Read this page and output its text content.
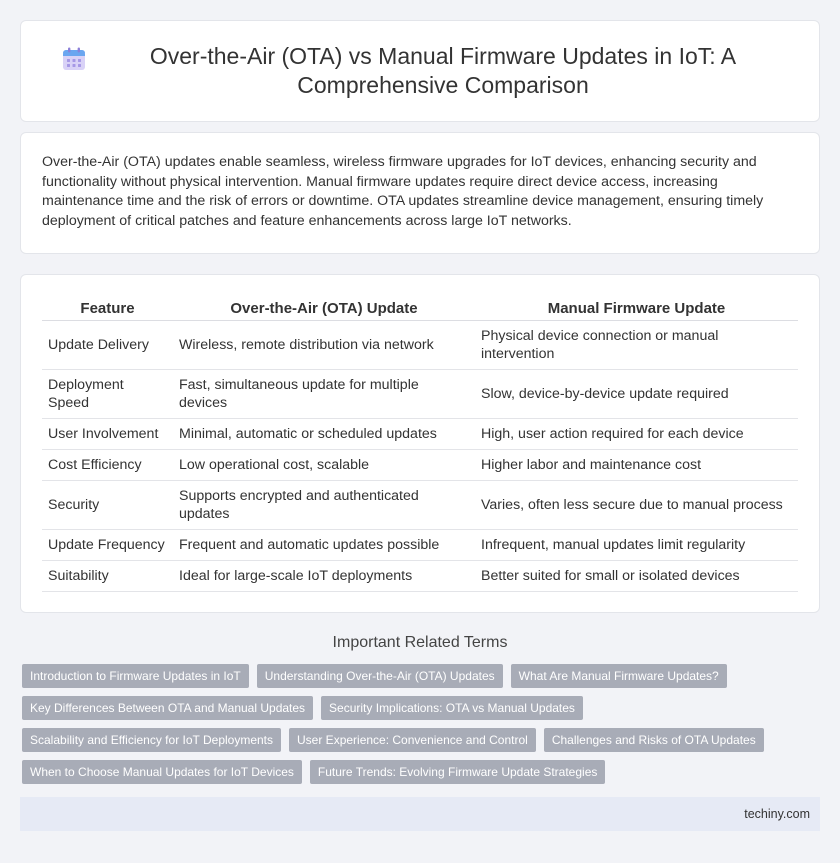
Over-the-Air (OTA) vs Manual Firmware Updates in IoT: A Comprehensive Comparison

Over-the-Air (OTA) updates enable seamless, wireless firmware upgrades for IoT devices, enhancing security and functionality without physical intervention. Manual firmware updates require direct device access, increasing maintenance time and the risk of errors or downtime. OTA updates streamline device management, ensuring timely deployment of critical patches and feature enhancements across large IoT networks.

Feature	Over-the-Air (OTA) Update	Manual Firmware Update
Update Delivery	Wireless, remote distribution via network	Physical device connection or manual intervention
Deployment Speed	Fast, simultaneous update for multiple devices	Slow, device-by-device update required
User Involvement	Minimal, automatic or scheduled updates	High, user action required for each device
Cost Efficiency	Low operational cost, scalable	Higher labor and maintenance cost
Security	Supports encrypted and authenticated updates	Varies, often less secure due to manual process
Update Frequency	Frequent and automatic updates possible	Infrequent, manual updates limit regularity
Suitability	Ideal for large-scale IoT deployments	Better suited for small or isolated devices
Important Related Terms
Introduction to Firmware Updates in IoT	Understanding Over-the-Air (OTA) Updates	What Are Manual Firmware Updates?
Key Differences Between OTA and Manual Updates	Security Implications: OTA vs Manual Updates
Scalability and Efficiency for IoT Deployments	User Experience: Convenience and Control	Challenges and Risks of OTA Updates
When to Choose Manual Updates for IoT Devices	Future Trends: Evolving Firmware Update Strategies
techiny.com
